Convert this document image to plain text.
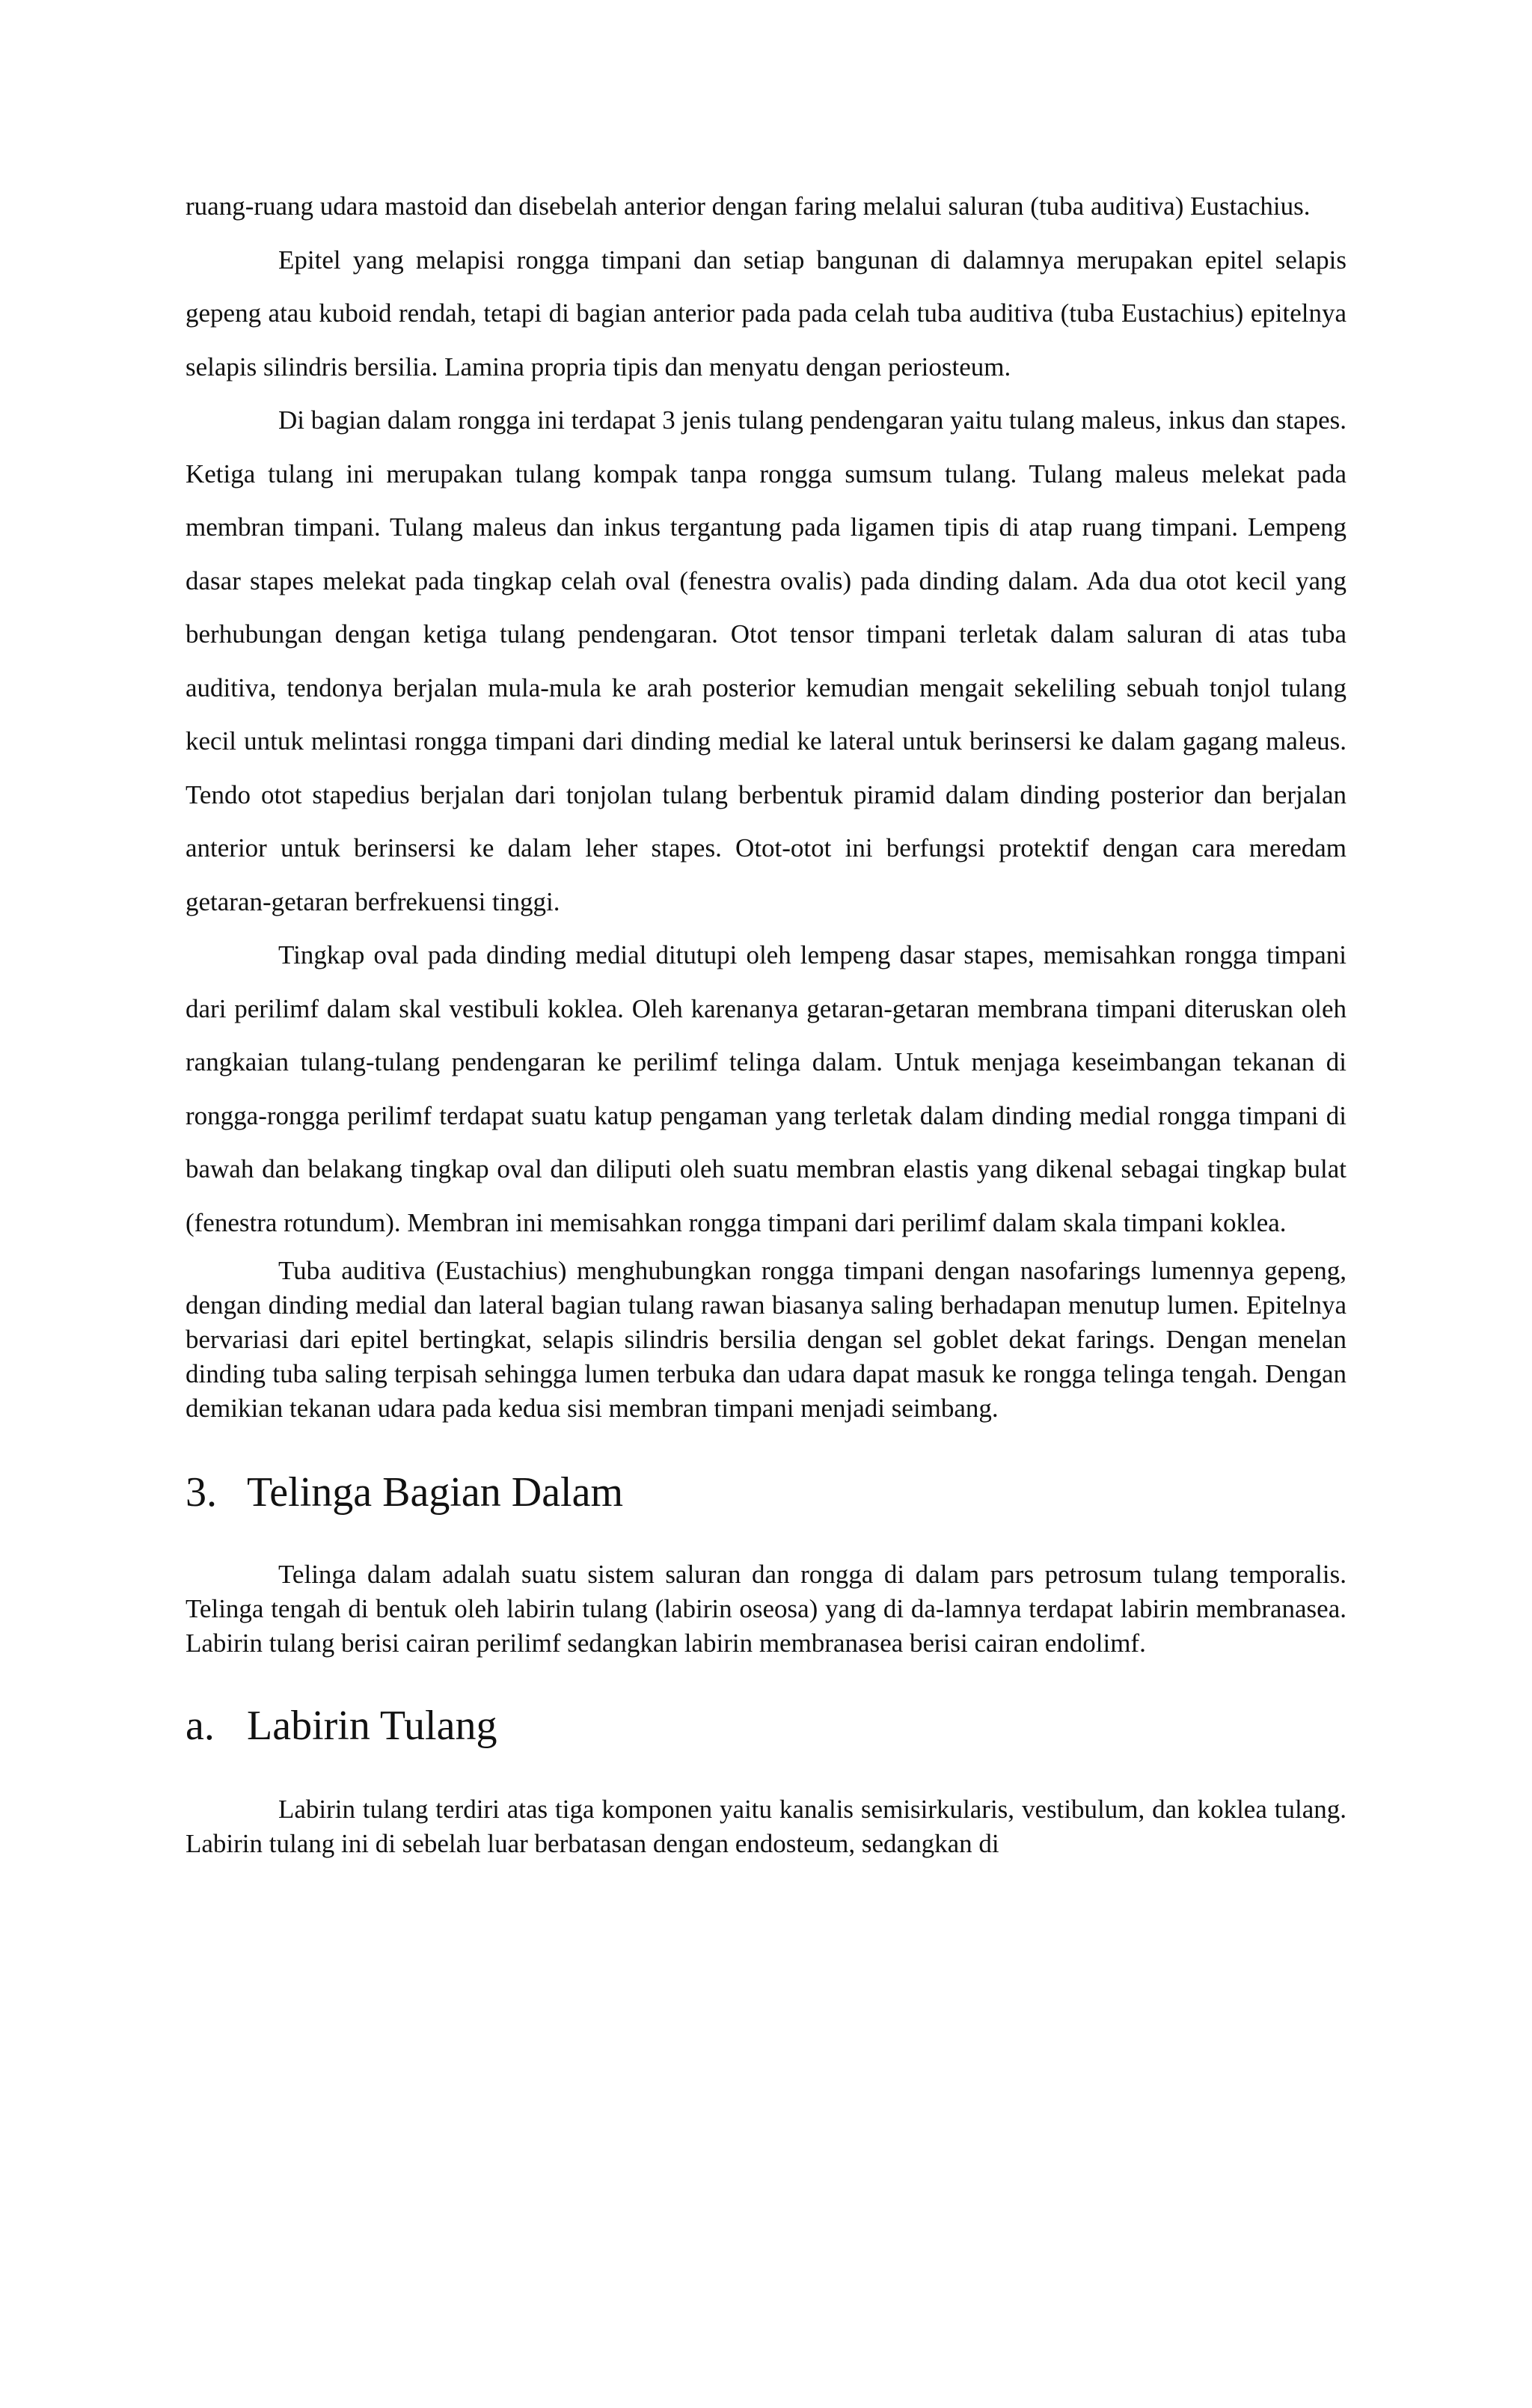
ruang-ruang udara mastoid dan disebelah anterior dengan faring melalui saluran (tuba auditiva) Eustachius.

Epitel yang melapisi rongga timpani dan setiap bangunan di dalamnya merupakan epitel selapis gepeng atau kuboid rendah, tetapi di bagian anterior pada pada celah tuba auditiva (tuba Eustachius) epitelnya selapis silindris bersilia. Lamina propria tipis dan menyatu dengan periosteum.

Di bagian dalam rongga ini terdapat 3 jenis tulang pendengaran yaitu tulang maleus, inkus dan stapes. Ketiga tulang ini merupakan tulang kompak tanpa rongga sumsum tulang. Tulang maleus melekat pada membran timpani. Tulang maleus dan inkus tergantung pada ligamen tipis di atap ruang timpani. Lempeng dasar stapes melekat pada tingkap celah oval (fenestra ovalis) pada dinding dalam. Ada dua otot kecil yang berhubungan dengan ketiga tulang pendengaran. Otot tensor timpani terletak dalam saluran di atas tuba auditiva, tendonya berjalan mula-mula ke arah posterior kemudian mengait sekeliling sebuah tonjol tulang kecil untuk melintasi rongga timpani dari dinding medial ke lateral untuk berinsersi ke dalam gagang maleus. Tendo otot stapedius berjalan dari tonjolan tulang berbentuk piramid dalam dinding posterior dan berjalan anterior untuk berinsersi ke dalam leher stapes. Otot-otot ini berfungsi protektif dengan cara meredam getaran-getaran berfrekuensi tinggi.

Tingkap oval pada dinding medial ditutupi oleh lempeng dasar stapes, memisahkan rongga timpani dari perilimf dalam skal vestibuli koklea. Oleh karenanya getaran-getaran membrana timpani diteruskan oleh rangkaian tulang-tulang pendengaran ke perilimf telinga dalam. Untuk menjaga keseimbangan tekanan di rongga-rongga perilimf terdapat suatu katup pengaman yang terletak dalam dinding medial rongga timpani di bawah dan belakang tingkap oval dan diliputi oleh suatu membran elastis yang dikenal sebagai tingkap bulat (fenestra rotundum). Membran ini memisahkan rongga timpani dari perilimf dalam skala timpani koklea.

Tuba auditiva (Eustachius) menghubungkan rongga timpani dengan nasofarings lumennya gepeng, dengan dinding medial dan lateral bagian tulang rawan biasanya saling berhadapan menutup lumen. Epitelnya bervariasi dari epitel bertingkat, selapis silindris bersilia dengan sel goblet dekat farings. Dengan menelan dinding tuba saling terpisah sehingga lumen terbuka dan udara dapat masuk ke rongga telinga tengah. Dengan demikian tekanan udara pada kedua sisi membran timpani menjadi seimbang.

3. Telinga Bagian Dalam

Telinga dalam adalah suatu sistem saluran dan rongga di dalam pars petrosum tulang temporalis. Telinga tengah di bentuk oleh labirin tulang (labirin oseosa) yang di da-lamnya terdapat labirin membranasea. Labirin tulang berisi cairan perilimf sedangkan labirin membranasea berisi cairan endolimf.

a. Labirin Tulang

Labirin tulang terdiri atas tiga komponen yaitu kanalis semisirkularis, vestibulum, dan koklea tulang. Labirin tulang ini di sebelah luar berbatasan dengan endosteum, sedangkan di
